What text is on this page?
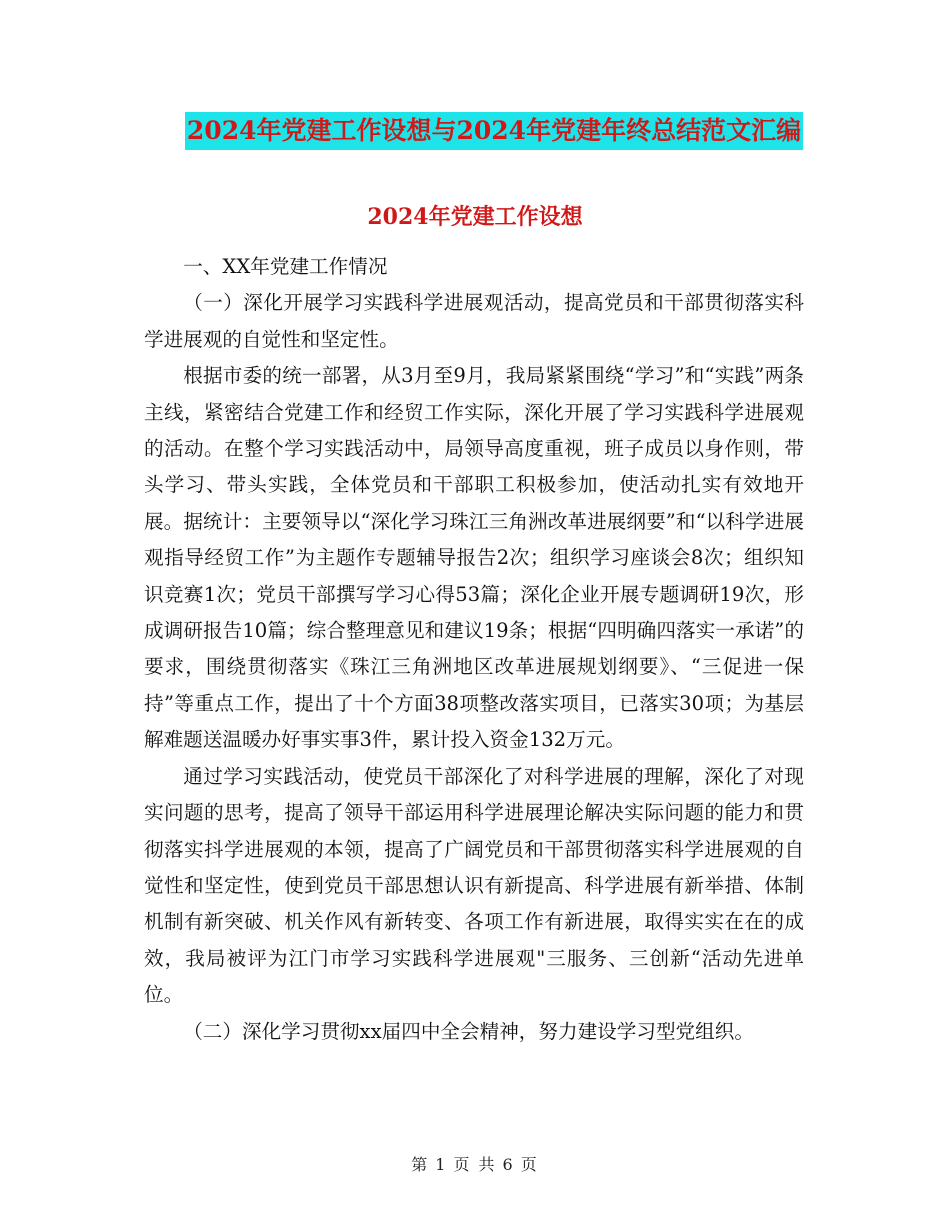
2024年党建工作设想与2024年党建年终总结范文汇编
2024年党建工作设想

一、XX年党建工作情况

（一）深化开展学习实践科学进展观活动，提高党员和干部贯彻落实科学进展观的自觉性和坚定性。

根据市委的统一部署，从3月至9月，我局紧紧围绕“学习”和“实践”两条主线，紧密结合党建工作和经贸工作实际，深化开展了学习实践科学进展观的活动。在整个学习实践活动中，局领导高度重视，班子成员以身作则，带头学习、带头实践，全体党员和干部职工积极参加，使活动扎实有效地开展。据统计：主要领导以“深化学习珠江三角洲改革进展纲要”和“以科学进展观指导经贸工作”为主题作专题辅导报告2次；组织学习座谈会8次；组织知识竞赛1次；党员干部撰写学习心得53篇；深化企业开展专题调研19次，形成调研报告10篇；综合整理意见和建议19条；根据“四明确四落实一承诺”的要求，围绕贯彻落实《珠江三角洲地区改革进展规划纲要》、“三促进一保持”等重点工作，提出了十个方面38项整改落实项目，已落实30项；为基层解难题送温暖办好事实事3件，累计投入资金132万元。

通过学习实践活动，使党员干部深化了对科学进展的理解，深化了对现实问题的思考，提高了领导干部运用科学进展理论解决实际问题的能力和贯彻落实抖学进展观的本领，提高了广阔党员和干部贯彻落实科学进展观的自觉性和坚定性，使到党员干部思想认识有新提高、科学进展有新举措、体制机制有新突破、机关作风有新转变、各项工作有新进展，取得实实在在的成效，我局被评为江门市学习实践科学进展观"三服务、三创新“活动先进单位。

（二）深化学习贯彻xx届四中全会精神，努力建设学习型党组织。

第 1 页 共 6 页
